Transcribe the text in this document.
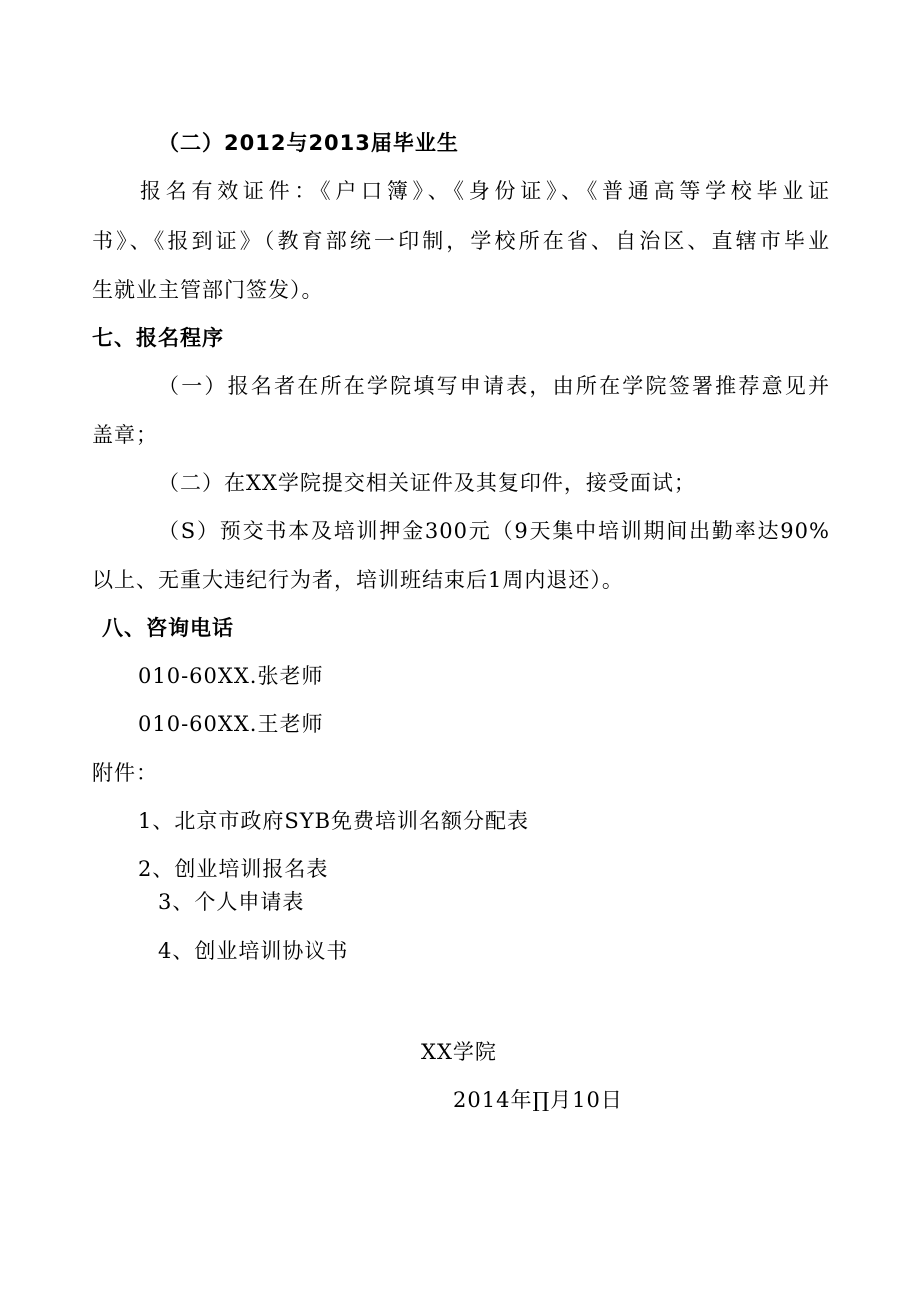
（二）2012与2013届毕业生
报名有效证件：《户口簿》、《身份证》、《普通高等学校毕业证
书》、《报到证》（教育部统一印制，学校所在省、自治区、直辖市毕业
生就业主管部门签发）。
七、报名程序
（一）报名者在所在学院填写申请表，由所在学院签署推荐意见并
盖章；
（二）在XX学院提交相关证件及其复印件，接受面试；
（S）预交书本及培训押金300元（9天集中培训期间出勤率达90%
以上、无重大违纪行为者，培训班结束后1周内退还）。
八、咨询电话
010-60XX.张老师
010-60XX.王老师
附件：
1、北京市政府SYB免费培训名额分配表
2、创业培训报名表
3、个人申请表
4、创业培训协议书
XX学院
2014年∏月10日
